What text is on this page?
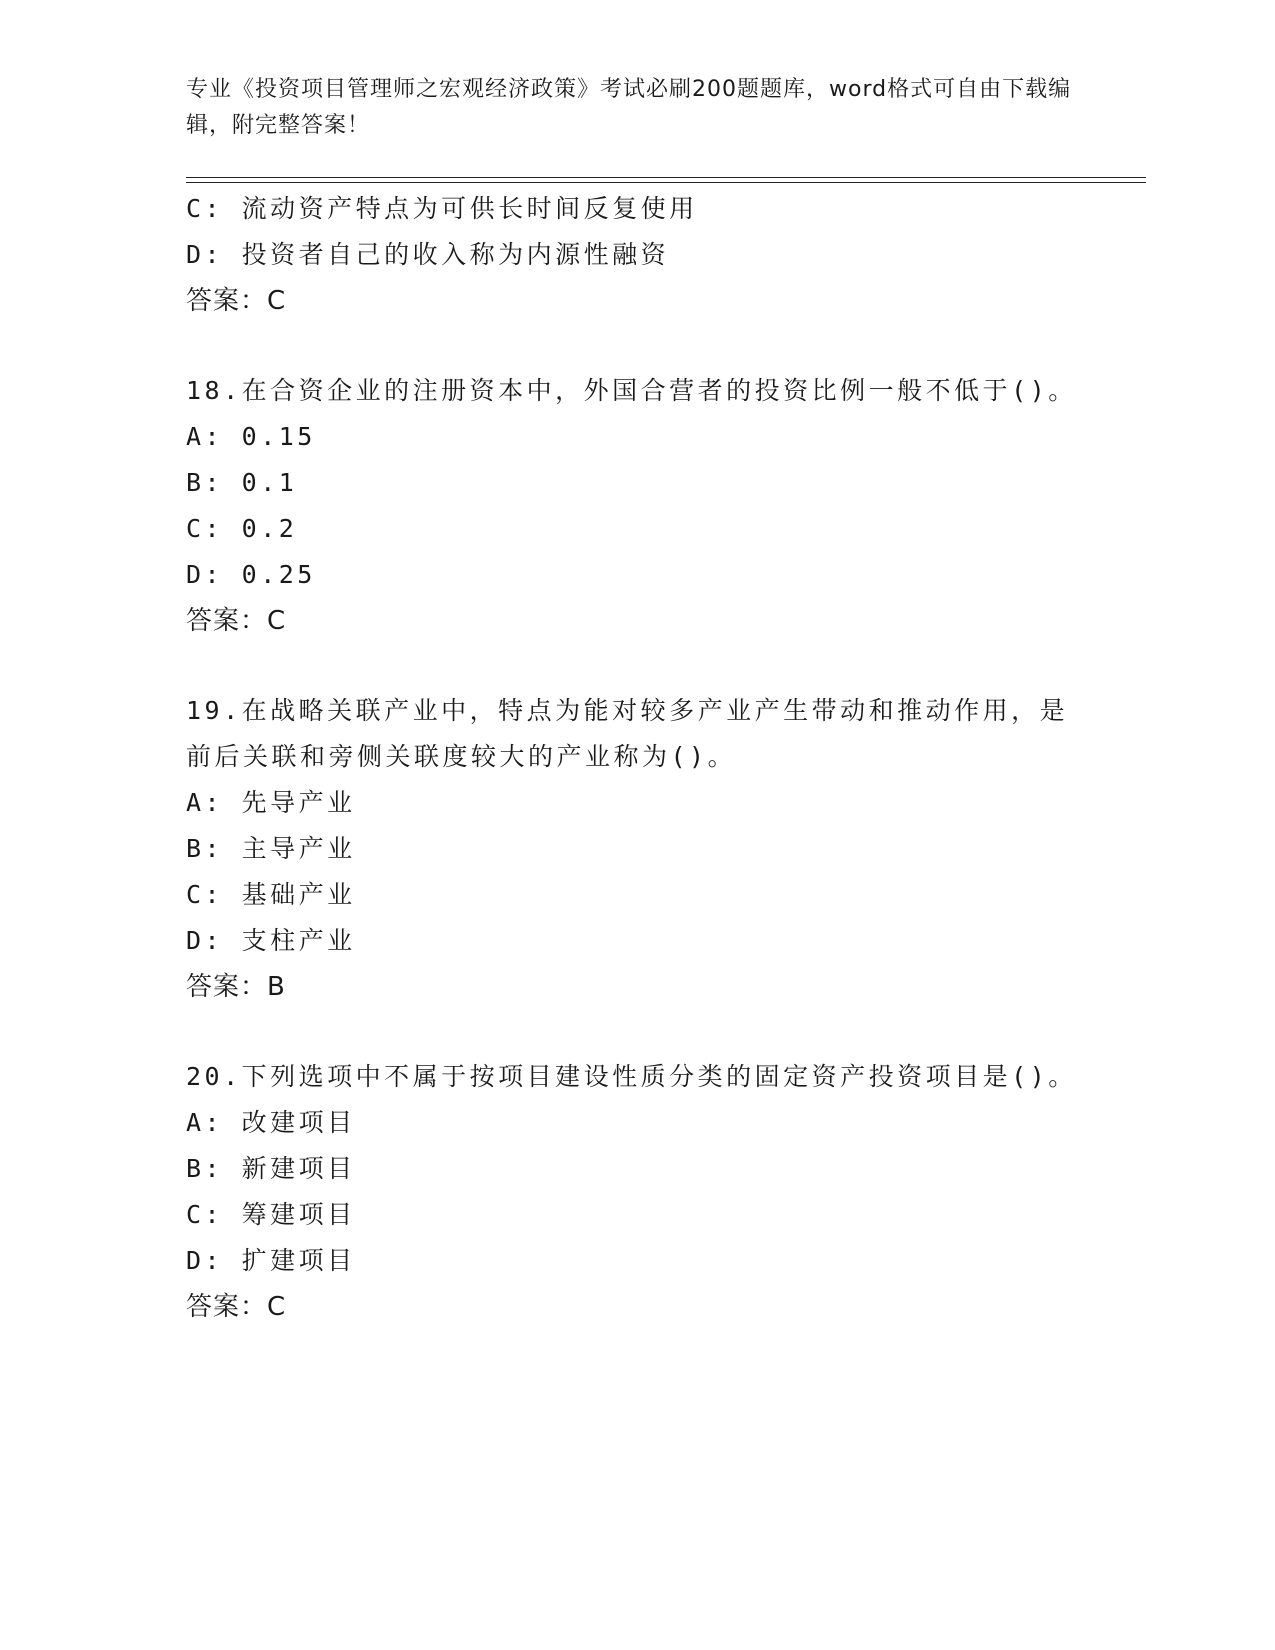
专业《投资项目管理师之宏观经济政策》考试必刷200题题库，word格式可自由下载编辑，附完整答案！
C: 流动资产特点为可供长时间反复使用
D: 投资者自己的收入称为内源性融资
答案：C
18.在合资企业的注册资本中，外国合营者的投资比例一般不低于()。
A: 0.15
B: 0.1
C: 0.2
D: 0.25
答案：C
19.在战略关联产业中，特点为能对较多产业产生带动和推动作用，是前后关联和旁侧关联度较大的产业称为()。
A: 先导产业
B: 主导产业
C: 基础产业
D: 支柱产业
答案：B
20.下列选项中不属于按项目建设性质分类的固定资产投资项目是()。
A: 改建项目
B: 新建项目
C: 筹建项目
D: 扩建项目
答案：C
